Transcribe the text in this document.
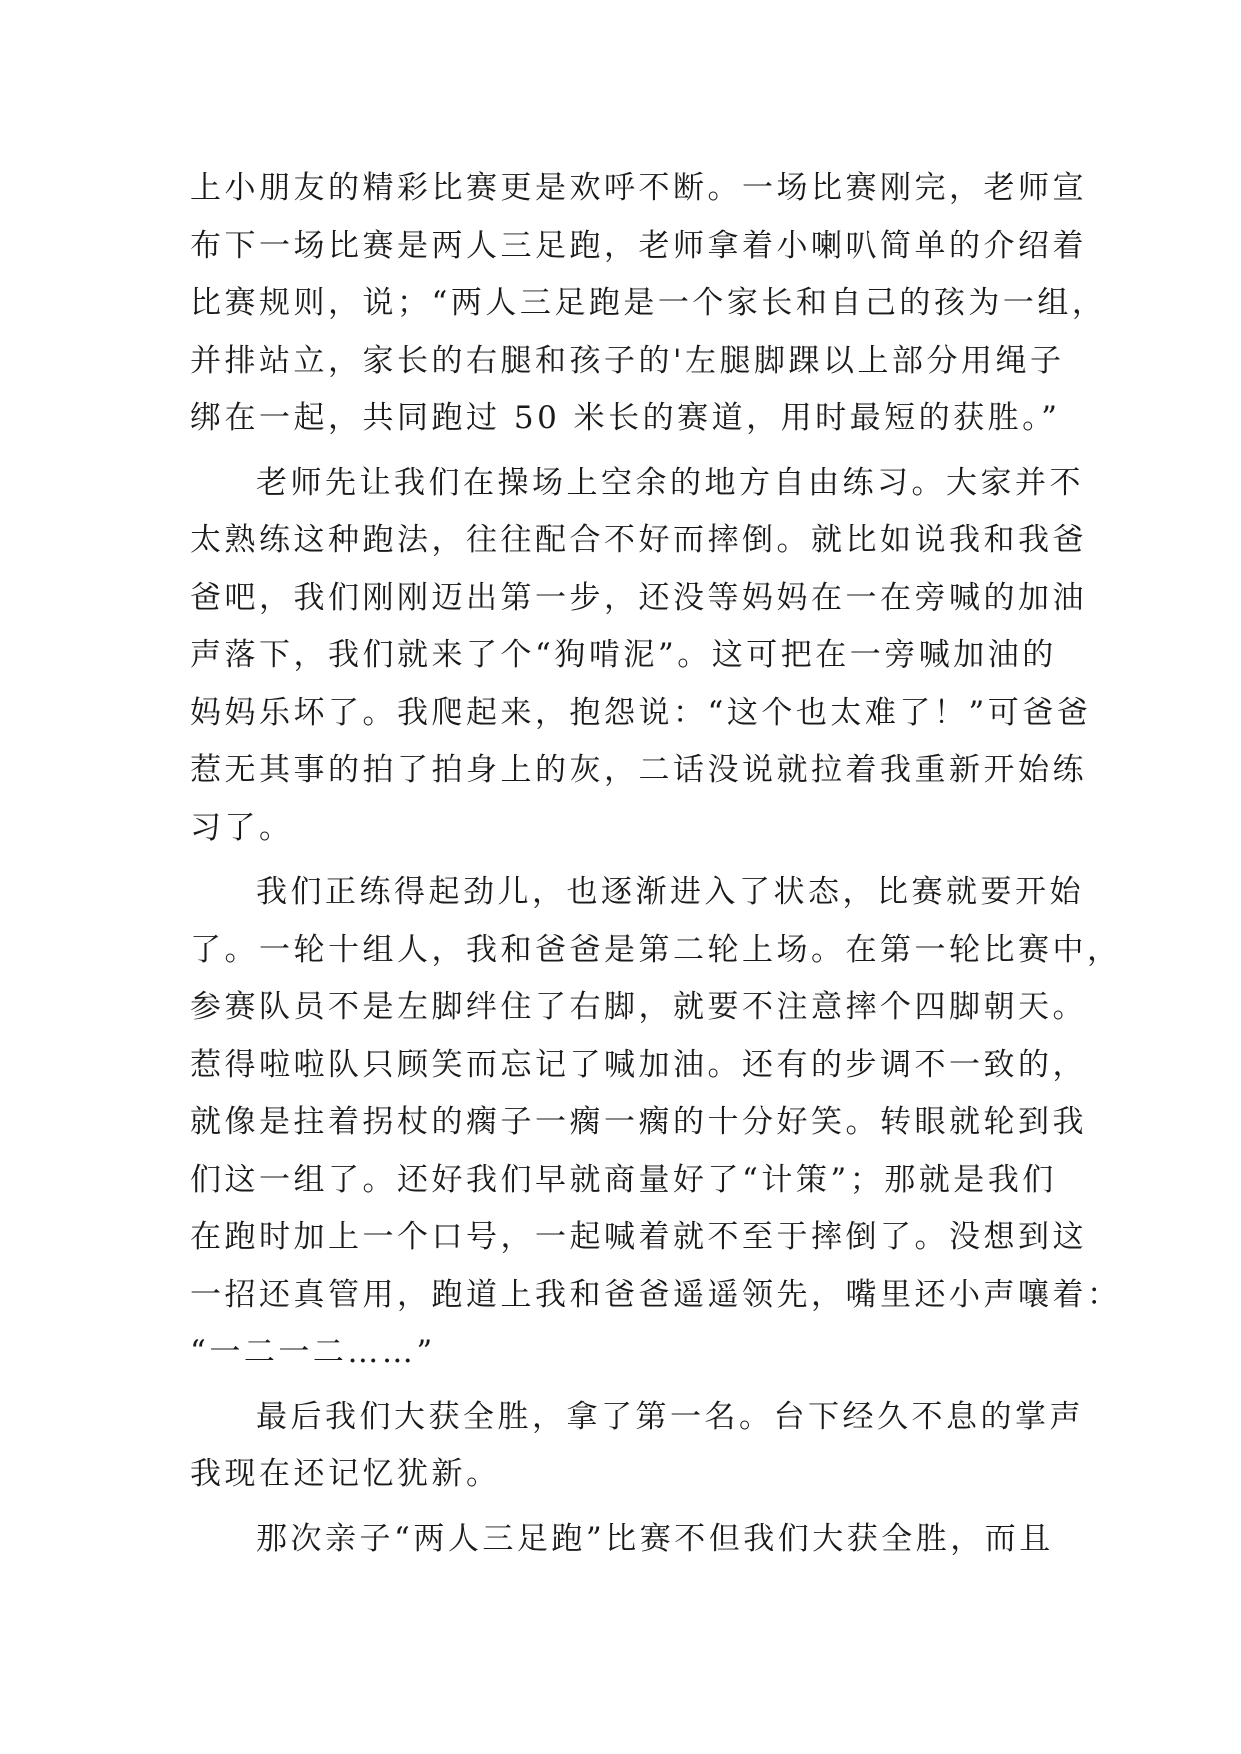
上小朋友的精彩比赛更是欢呼不断。一场比赛刚完，老师宣
布下一场比赛是两人三足跑，老师拿着小喇叭简单的介绍着
比赛规则，说；“两人三足跑是一个家长和自己的孩为一组，
并排站立，家长的右腿和孩子的'左腿脚踝以上部分用绳子
绑在一起，共同跑过 50 米长的赛道，用时最短的获胜。”
老师先让我们在操场上空余的地方自由练习。大家并不
太熟练这种跑法，往往配合不好而摔倒。就比如说我和我爸
爸吧，我们刚刚迈出第一步，还没等妈妈在一在旁喊的加油
声落下，我们就来了个“狗啃泥”。这可把在一旁喊加油的
妈妈乐坏了。我爬起来，抱怨说：“这个也太难了！”可爸爸
惹无其事的拍了拍身上的灰，二话没说就拉着我重新开始练
习了。
我们正练得起劲儿，也逐渐进入了状态，比赛就要开始
了。一轮十组人，我和爸爸是第二轮上场。在第一轮比赛中，
参赛队员不是左脚绊住了右脚，就要不注意摔个四脚朝天。
惹得啦啦队只顾笑而忘记了喊加油。还有的步调不一致的，
就像是拄着拐杖的瘸子一瘸一瘸的十分好笑。转眼就轮到我
们这一组了。还好我们早就商量好了“计策”；那就是我们
在跑时加上一个口号，一起喊着就不至于摔倒了。没想到这
一招还真管用，跑道上我和爸爸遥遥领先，嘴里还小声嚷着：
“一二一二……”
最后我们大获全胜，拿了第一名。台下经久不息的掌声
我现在还记忆犹新。
那次亲子“两人三足跑”比赛不但我们大获全胜，而且
